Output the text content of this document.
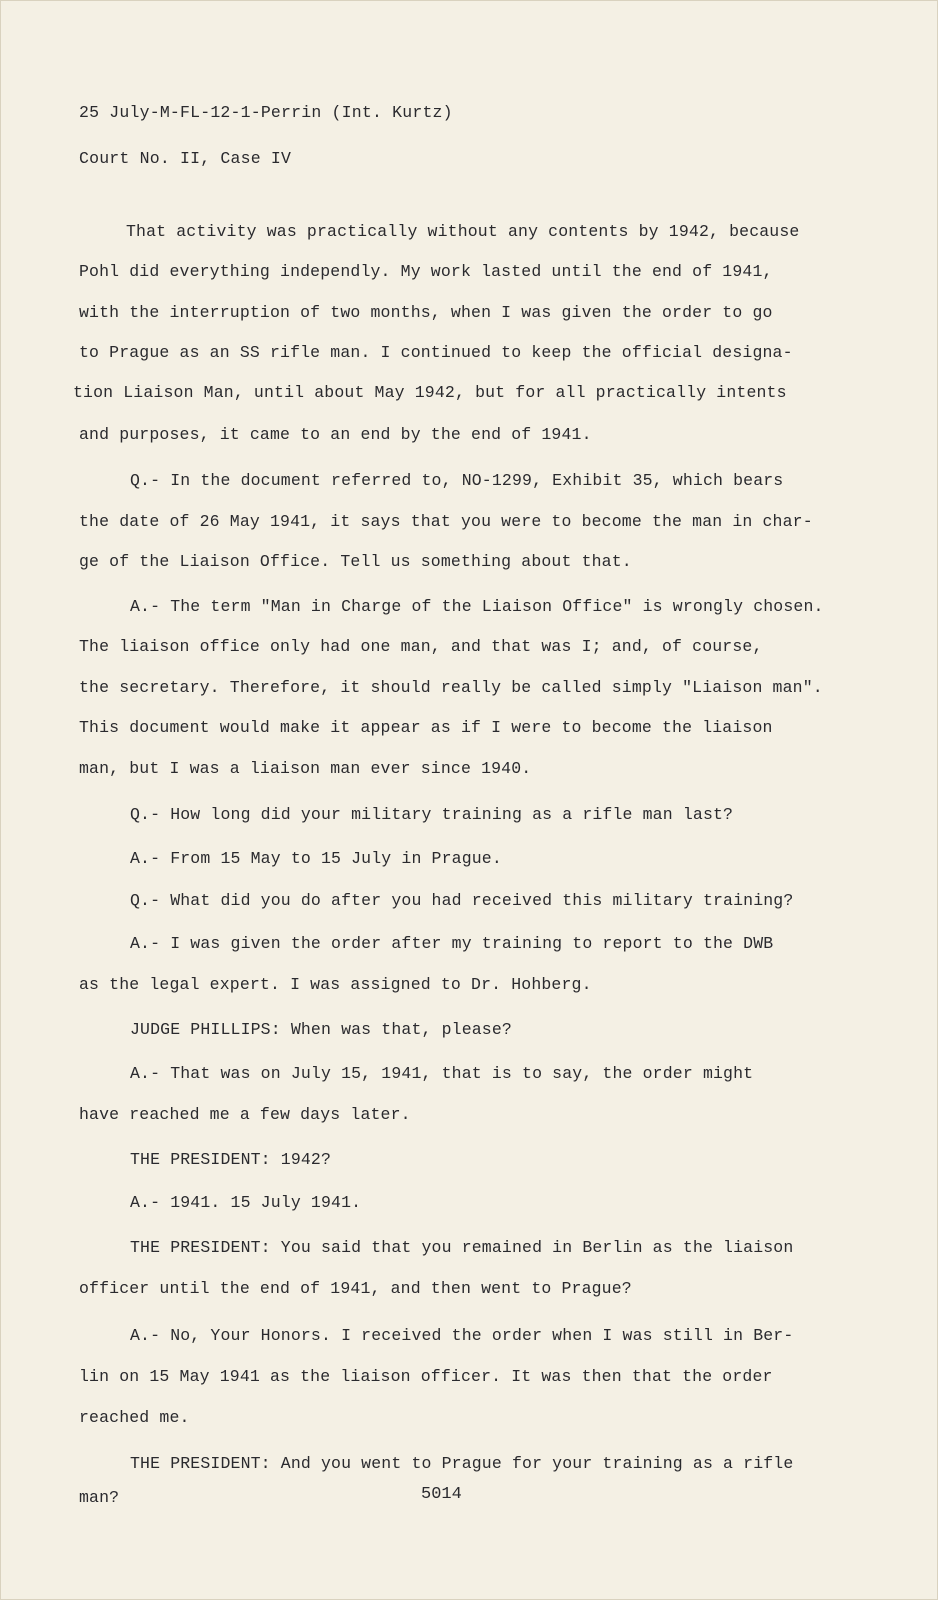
25 July-M-FL-12-1-Perrin (Int. Kurtz)
Court No. II, Case IV
That activity was practically without any contents by 1942, because
Pohl did everything independly. My work lasted until the end of 1941,
with the interruption of two months, when I was given the order to go
to Prague as an SS rifle man. I continued to keep the official designa-
tion Liaison Man, until about May 1942, but for all practically intents
and purposes, it came to an end by the end of 1941.
Q.- In the document referred to, NO-1299, Exhibit 35, which bears
the date of 26 May 1941, it says that you were to become the man in char-
ge of the Liaison Office. Tell us something about that.
A.- The term "Man in Charge of the Liaison Office" is wrongly chosen.
The liaison office only had one man, and that was I; and, of course,
the secretary. Therefore, it should really be called simply "Liaison man".
This document would make it appear as if I were to become the liaison
man, but I was a liaison man ever since 1940.
Q.- How long did your military training as a rifle man last?
A.- From 15 May to 15 July in Prague.
Q.- What did you do after you had received this military training?
A.- I was given the order after my training to report to the DWB
as the legal expert. I was assigned to Dr. Hohberg.
JUDGE PHILLIPS: When was that, please?
A.- That was on July 15, 1941, that is to say, the order might
have reached me a few days later.
THE PRESIDENT: 1942?
A.- 1941. 15 July 1941.
THE PRESIDENT: You said that you remained in Berlin as the liaison
officer until the end of 1941, and then went to Prague?
A.- No, Your Honors. I received the order when I was still in Ber-
lin on 15 May 1941 as the liaison officer. It was then that the order
reached me.
THE PRESIDENT: And you went to Prague for your training as a rifle
man?	5014
